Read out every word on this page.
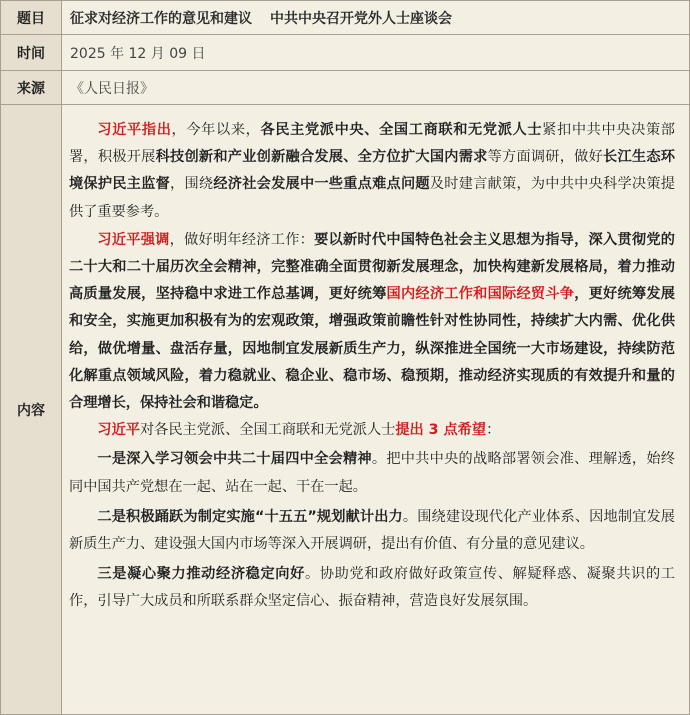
题目	征求对经济工作的意见和建议 中共中央召开党外人士座谈会
时间	2025 年 12 月 09 日
来源	《人民日报》
内容

习近平指出，今年以来，各民主党派中央、全国工商联和无党派人士紧扣中共中央决策部署，积极开展科技创新和产业创新融合发展、全方位扩大国内需求等方面调研，做好长江生态环境保护民主监督，围绕经济社会发展中一些重点难点问题及时建言献策，为中共中央科学决策提供了重要参考。

习近平强调，做好明年经济工作：要以新时代中国特色社会主义思想为指导，深入贯彻党的二十大和二十届历次全会精神，完整准确全面贯彻新发展理念，加快构建新发展格局，着力推动高质量发展，坚持稳中求进工作总基调，更好统筹国内经济工作和国际经贸斗争，更好统筹发展和安全，实施更加积极有为的宏观政策，增强政策前瞻性针对性协同性，持续扩大内需、优化供给，做优增量、盘活存量，因地制宜发展新质生产力，纵深推进全国统一大市场建设，持续防范化解重点领域风险，着力稳就业、稳企业、稳市场、稳预期，推动经济实现质的有效提升和量的合理增长，保持社会和谐稳定。

习近平对各民主党派、全国工商联和无党派人士提出 3 点希望：

一是深入学习领会中共二十届四中全会精神。把中共中央的战略部署领会准、理解透，始终同中国共产党想在一起、站在一起、干在一起。

二是积极踊跃为制定实施“十五五”规划献计出力。围绕建设现代化产业体系、因地制宜发展新质生产力、建设强大国内市场等深入开展调研，提出有价值、有分量的意见建议。

三是凝心聚力推动经济稳定向好。协助党和政府做好政策宣传、解疑释惑、凝聚共识的工作，引导广大成员和所联系群众坚定信心、振奋精神，营造良好发展氛围。
